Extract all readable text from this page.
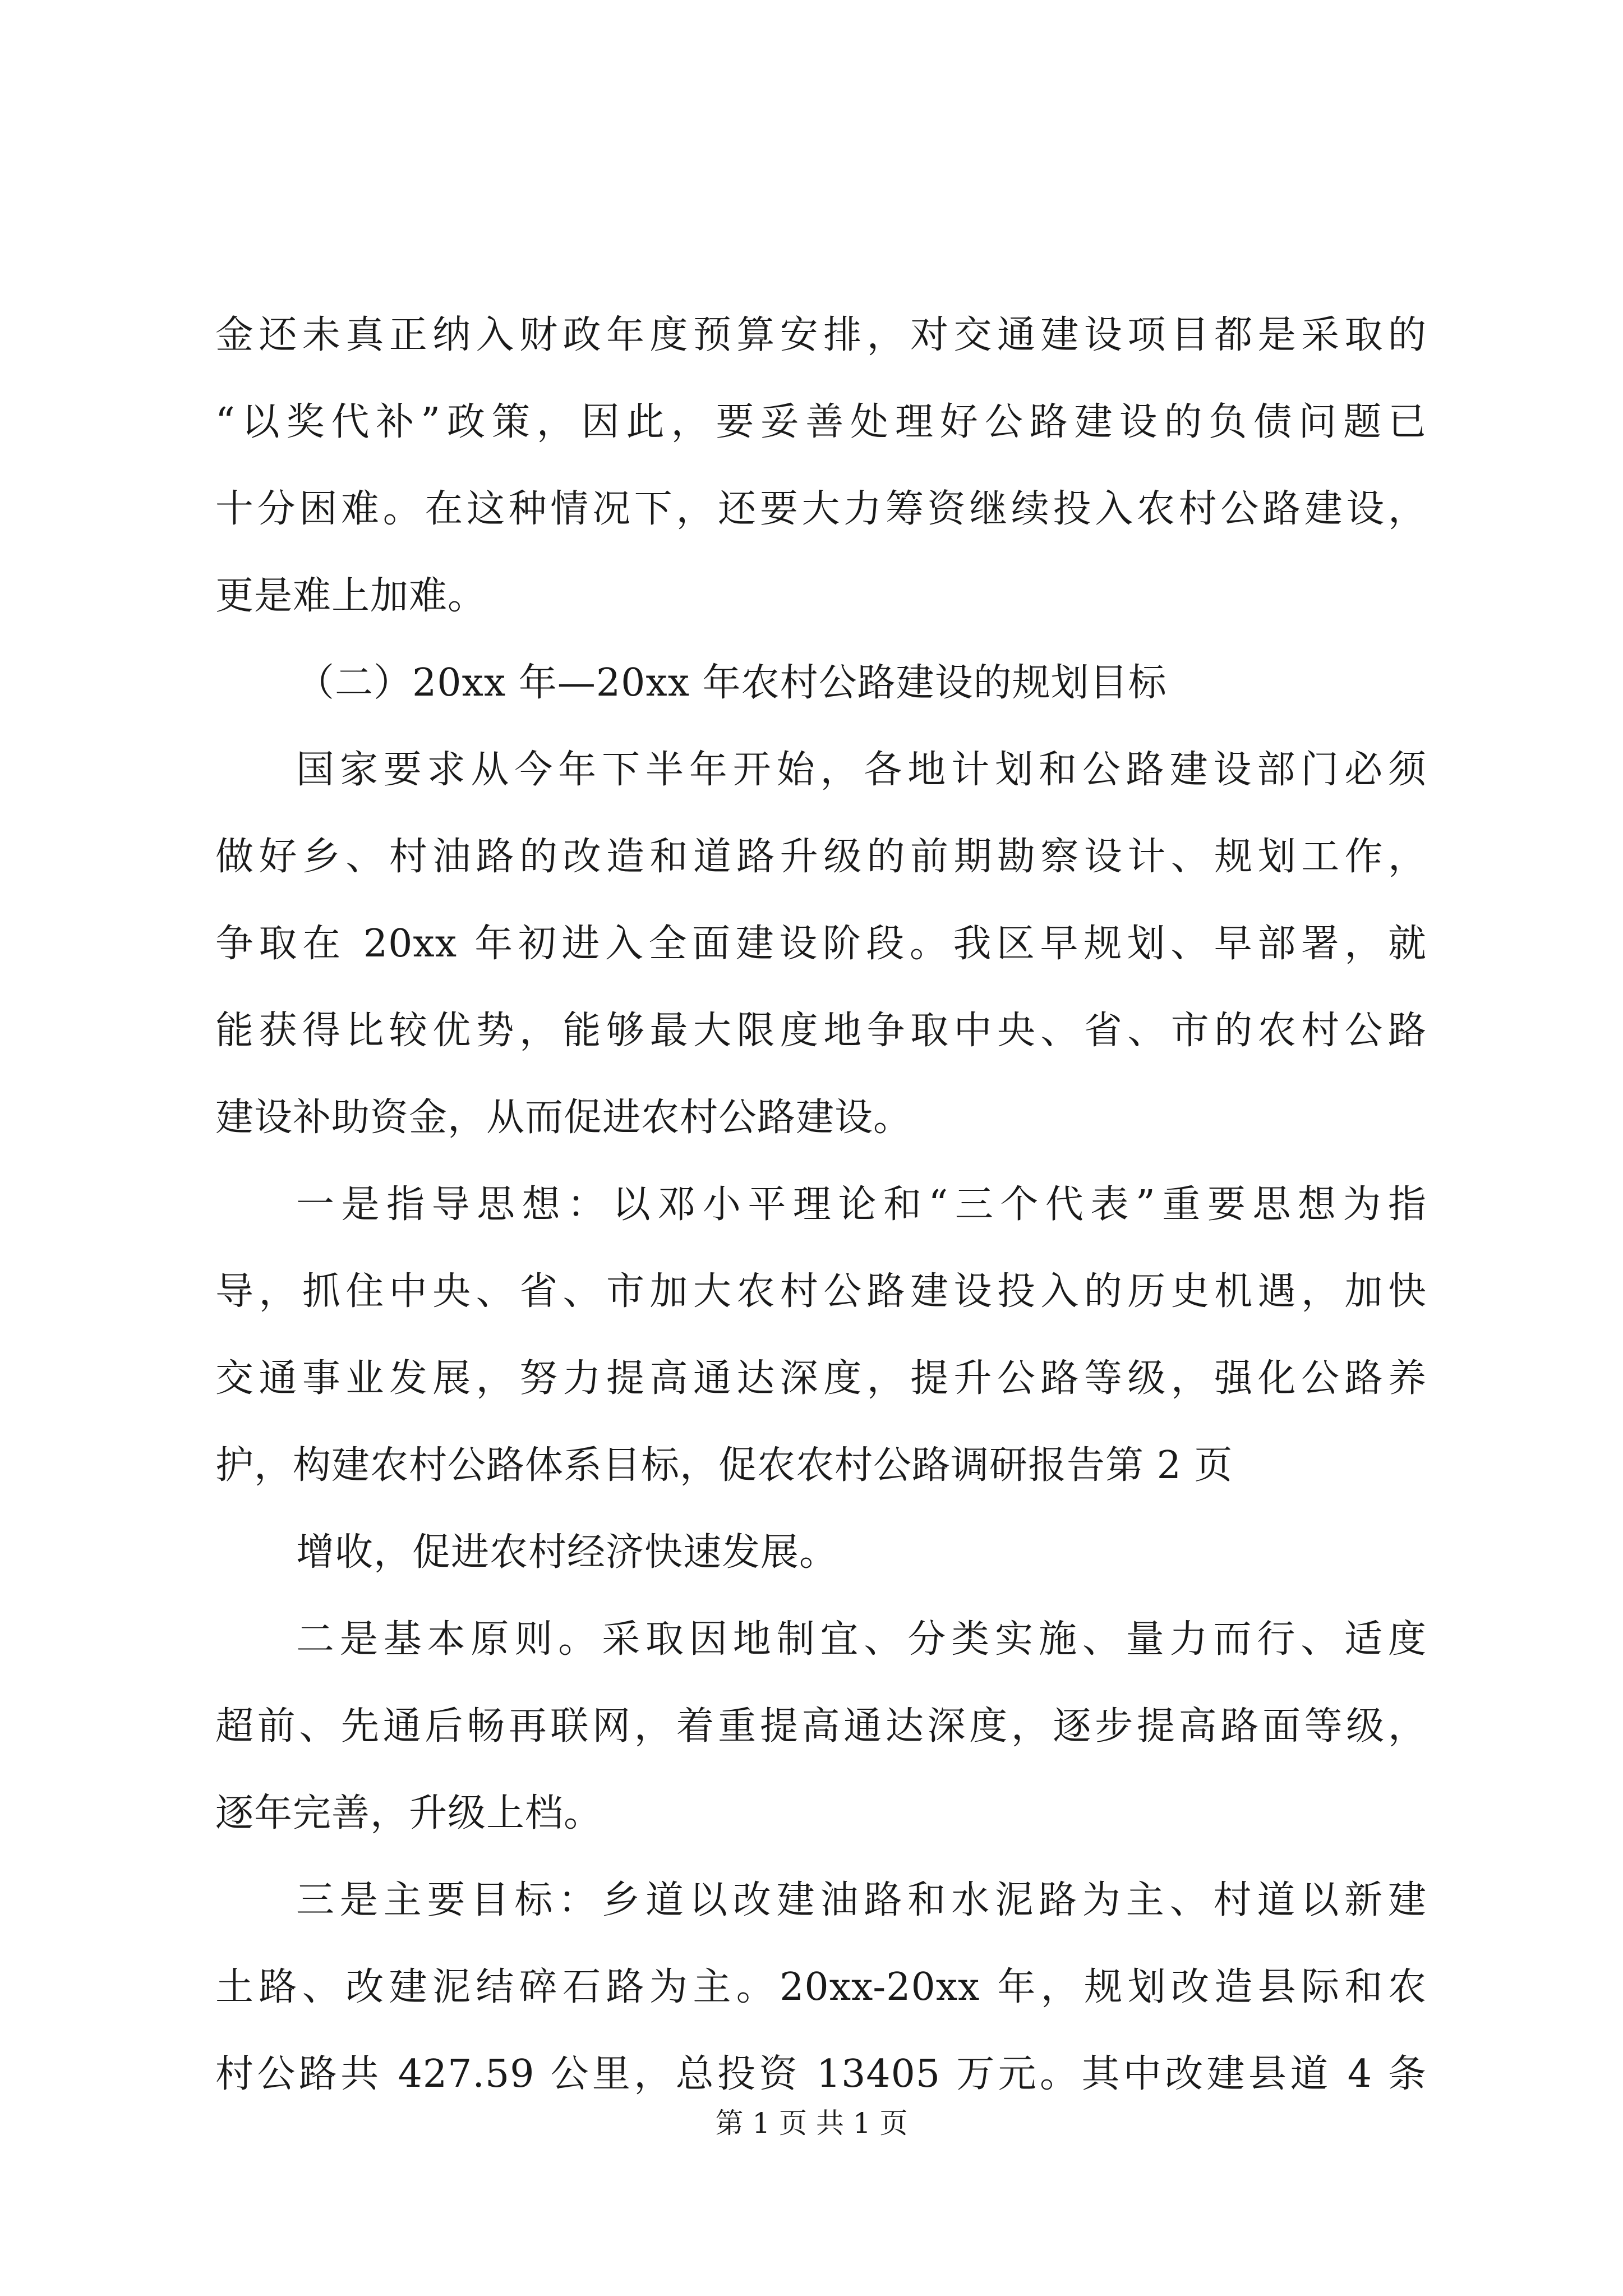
金还未真正纳入财政年度预算安排，对交通建设项目都是采取的
“以奖代补”政策，因此，要妥善处理好公路建设的负债问题已
十分困难。在这种情况下，还要大力筹资继续投入农村公路建设，
更是难上加难。
（二）20xx 年—20xx 年农村公路建设的规划目标
国家要求从今年下半年开始，各地计划和公路建设部门必须
做好乡、村油路的改造和道路升级的前期勘察设计、规划工作，
争取在 20xx 年初进入全面建设阶段。我区早规划、早部署，就
能获得比较优势，能够最大限度地争取中央、省、市的农村公路
建设补助资金，从而促进农村公路建设。
一是指导思想：以邓小平理论和“三个代表”重要思想为指
导，抓住中央、省、市加大农村公路建设投入的历史机遇，加快
交通事业发展，努力提高通达深度，提升公路等级，强化公路养
护，构建农村公路体系目标，促农农村公路调研报告第 2 页
增收，促进农村经济快速发展。
二是基本原则。采取因地制宜、分类实施、量力而行、适度
超前、先通后畅再联网，着重提高通达深度，逐步提高路面等级，
逐年完善，升级上档。
三是主要目标：乡道以改建油路和水泥路为主、村道以新建
土路、改建泥结碎石路为主。20xx-20xx 年，规划改造县际和农
村公路共 427.59 公里，总投资 13405 万元。其中改建县道 4 条
第 1 页 共 1 页
